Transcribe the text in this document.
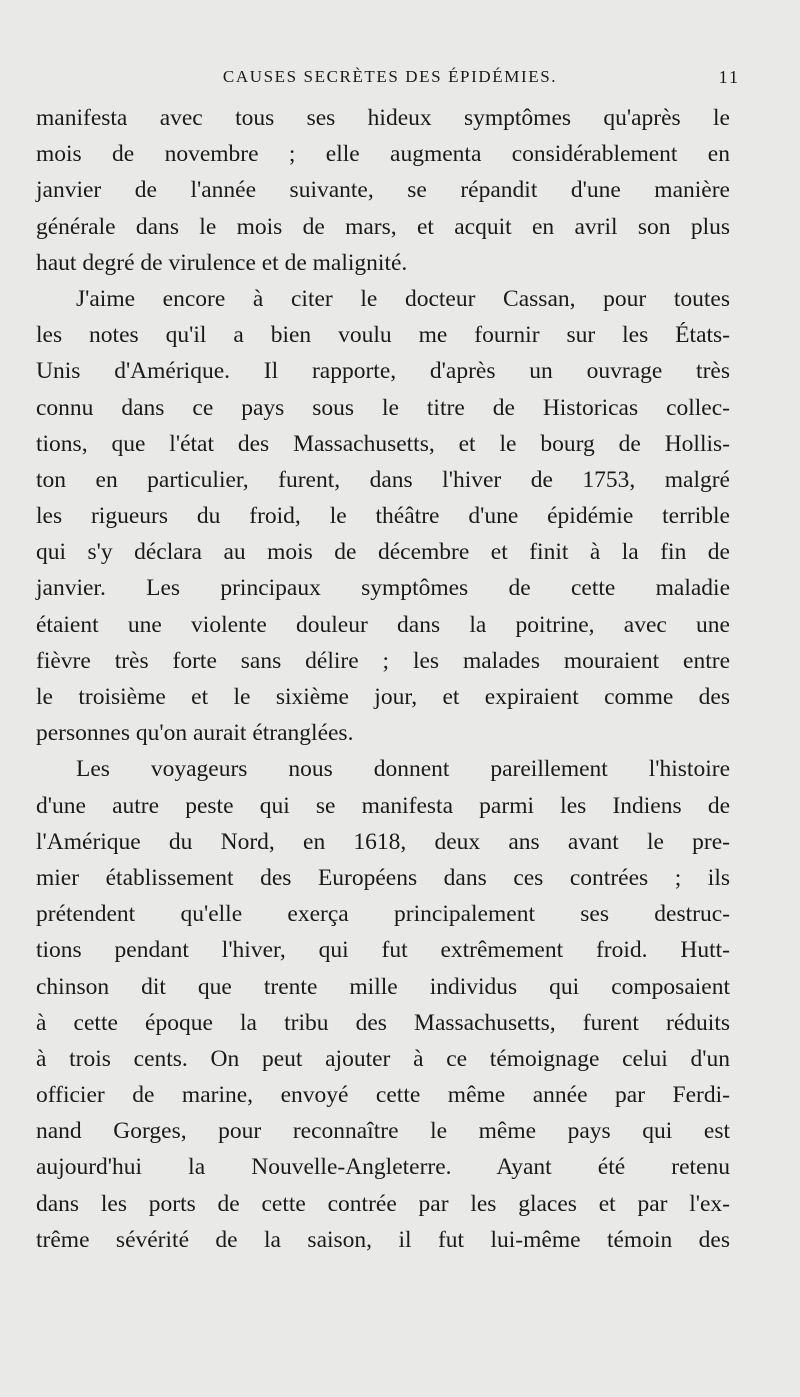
CAUSES SECRÈTES DES ÉPIDÉMIES.	11
manifesta avec tous ses hideux symptômes qu'après le
mois de novembre ; elle augmenta considérablement en
janvier de l'année suivante, se répandit d'une manière
générale dans le mois de mars, et acquit en avril son plus
haut degré de virulence et de malignité.
J'aime encore à citer le docteur Cassan, pour toutes
les notes qu'il a bien voulu me fournir sur les États-
Unis d'Amérique. Il rapporte, d'après un ouvrage très
connu dans ce pays sous le titre de Historicas collec-
tions, que l'état des Massachusetts, et le bourg de Hollis-
ton en particulier, furent, dans l'hiver de 1753, malgré
les rigueurs du froid, le théâtre d'une épidémie terrible
qui s'y déclara au mois de décembre et finit à la fin de
janvier. Les principaux symptômes de cette maladie
étaient une violente douleur dans la poitrine, avec une
fièvre très forte sans délire ; les malades mouraient entre
le troisième et le sixième jour, et expiraient comme des
personnes qu'on aurait étranglées.
Les voyageurs nous donnent pareillement l'histoire
d'une autre peste qui se manifesta parmi les Indiens de
l'Amérique du Nord, en 1618, deux ans avant le pre-
mier établissement des Européens dans ces contrées ; ils
prétendent qu'elle exerça principalement ses destruc-
tions pendant l'hiver, qui fut extrêmement froid. Hutt-
chinson dit que trente mille individus qui composaient
à cette époque la tribu des Massachusetts, furent réduits
à trois cents. On peut ajouter à ce témoignage celui d'un
officier de marine, envoyé cette même année par Ferdi-
nand Gorges, pour reconnaître le même pays qui est
aujourd'hui la Nouvelle-Angleterre. Ayant été retenu
dans les ports de cette contrée par les glaces et par l'ex-
trême sévérité de la saison, il fut lui-même témoin des
